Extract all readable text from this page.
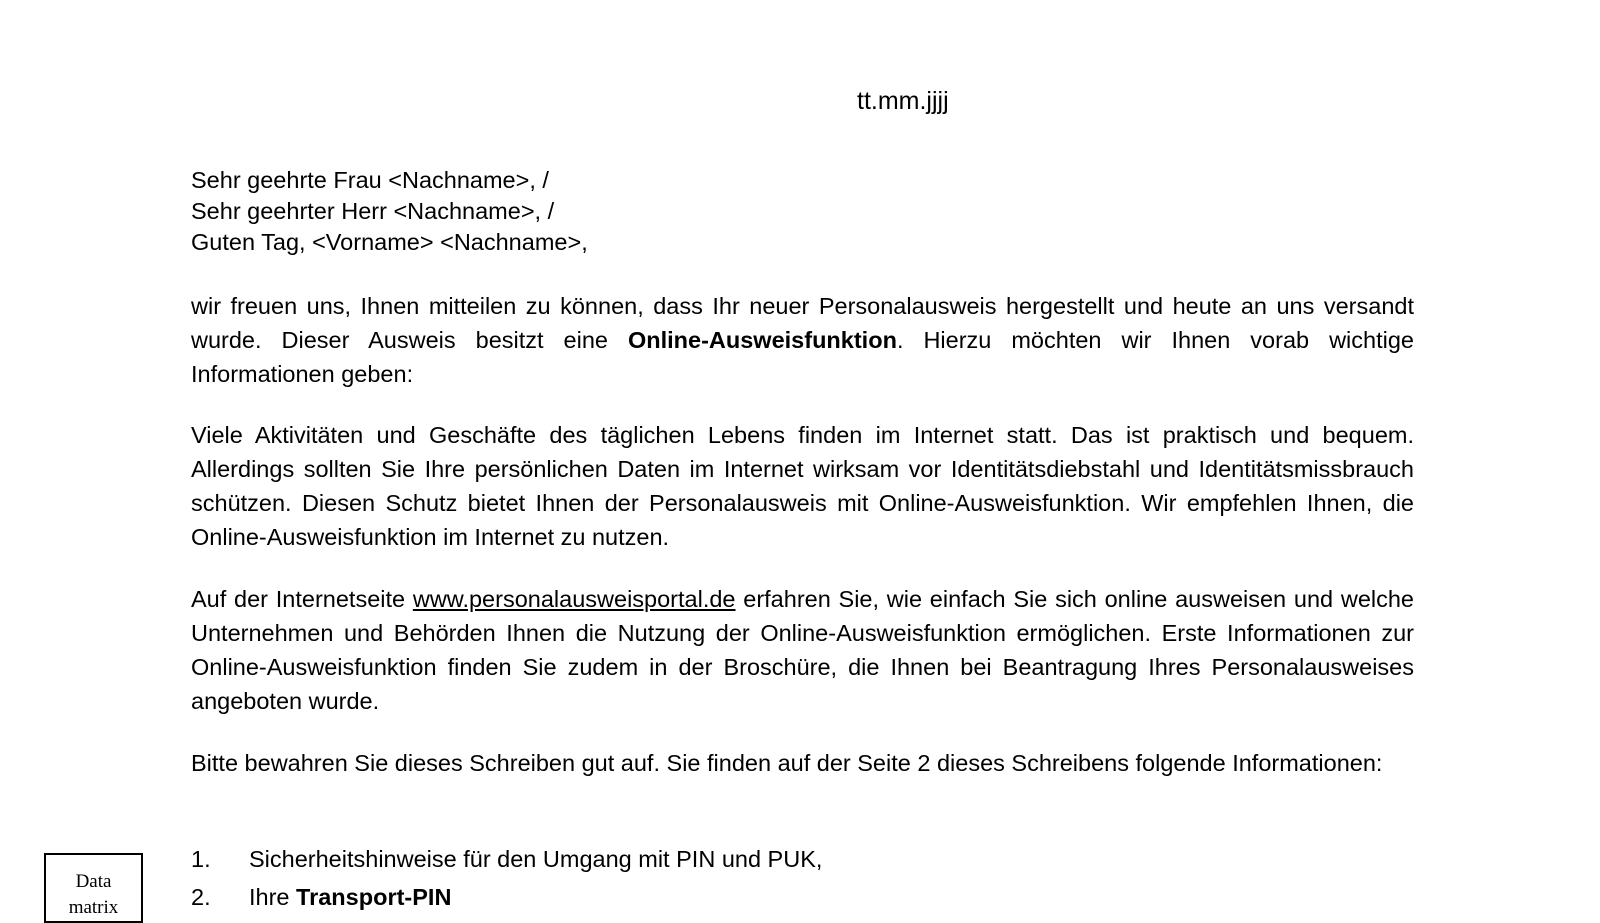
tt.mm.jjjj
Sehr geehrte Frau <Nachname>, /
Sehr geehrter Herr <Nachname>, /
Guten Tag, <Vorname> <Nachname>,

wir freuen uns, Ihnen mitteilen zu können, dass Ihr neuer Personalausweis hergestellt und heute an uns versandt wurde. Dieser Ausweis besitzt eine Online-Ausweisfunktion. Hierzu möchten wir Ihnen vorab wichtige Informationen geben:

Viele Aktivitäten und Geschäfte des täglichen Lebens finden im Internet statt. Das ist praktisch und bequem. Allerdings sollten Sie Ihre persönlichen Daten im Internet wirksam vor Identitätsdiebstahl und Identitätsmissbrauch schützen. Diesen Schutz bietet Ihnen der Personalausweis mit Online-Ausweisfunktion. Wir empfehlen Ihnen, die Online-Ausweisfunktion im Internet zu nutzen.

Auf der Internetseite www.personalausweisportal.de erfahren Sie, wie einfach Sie sich online ausweisen und welche Unternehmen und Behörden Ihnen die Nutzung der Online-Ausweisfunktion ermöglichen. Erste Informationen zur Online-Ausweisfunktion finden Sie zudem in der Broschüre, die Ihnen bei Beantragung Ihres Personalausweises angeboten wurde.

Bitte bewahren Sie dieses Schreiben gut auf. Sie finden auf der Seite 2 dieses Schreibens folgende Informationen:

1. Sicherheitshinweise für den Umgang mit PIN und PUK,
2. Ihre Transport-PIN
Data
matrix
